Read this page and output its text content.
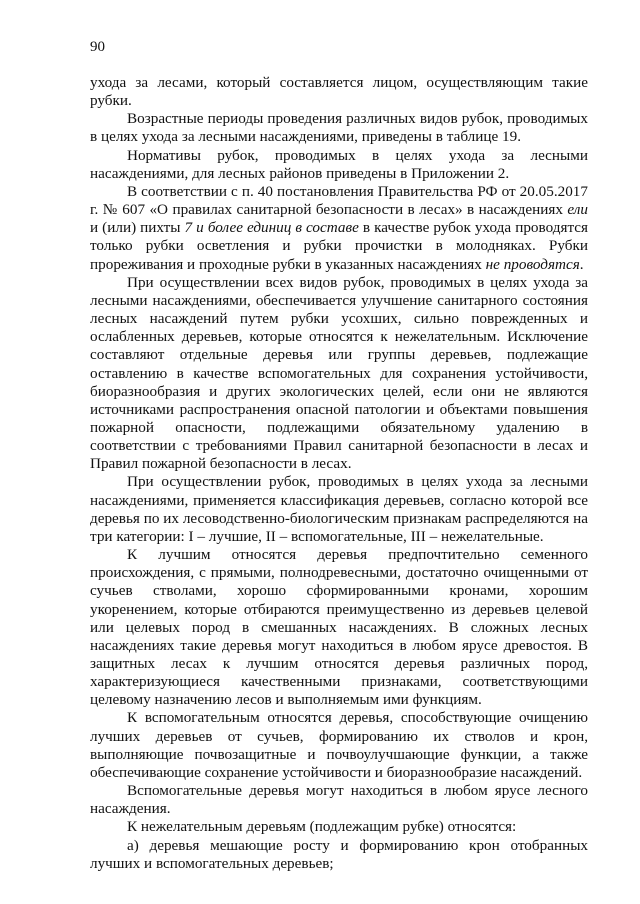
90

ухода за лесами, который составляется лицом, осуществляющим такие рубки.

Возрастные периоды проведения различных видов рубок, проводимых в целях ухода за лесными насаждениями, приведены в таблице 19.

Нормативы рубок, проводимых в целях ухода за лесными насаждениями, для лесных районов приведены в Приложении 2.

В соответствии с п. 40 постановления Правительства РФ от 20.05.2017 г. № 607 «О правилах санитарной безопасности в лесах» в насаждениях ели и (или) пихты 7 и более единиц в составе в качестве рубок ухода проводятся только рубки осветления и рубки прочистки в молодняках. Рубки прореживания и проходные рубки в указанных насаждениях не проводятся.

При осуществлении всех видов рубок, проводимых в целях ухода за лесными насаждениями, обеспечивается улучшение санитарного состояния лесных насаждений путем рубки усохших, сильно поврежденных и ослабленных деревьев, которые относятся к нежелательным. Исключение составляют отдельные деревья или группы деревьев, подлежащие оставлению в качестве вспомогательных для сохранения устойчивости, биоразнообразия и других экологических целей, если они не являются источниками распространения опасной патологии и объектами повышения пожарной опасности, подлежащими обязательному удалению в соответствии с требованиями Правил санитарной безопасности в лесах и Правил пожарной безопасности в лесах.

При осуществлении рубок, проводимых в целях ухода за лесными насаждениями, применяется классификация деревьев, согласно которой все деревья по их лесоводственно-биологическим признакам распределяются на три категории: I – лучшие, II – вспомогательные, III – нежелательные.

К лучшим относятся деревья предпочтительно семенного происхождения, с прямыми, полнодревесными, достаточно очищенными от сучьев стволами, хорошо сформированными кронами, хорошим укоренением, которые отбираются преимущественно из деревьев целевой или целевых пород в смешанных насаждениях. В сложных лесных насаждениях такие деревья могут находиться в любом ярусе древостоя. В защитных лесах к лучшим относятся деревья различных пород, характеризующиеся качественными признаками, соответствующими целевому назначению лесов и выполняемым ими функциям.

К вспомогательным относятся деревья, способствующие очищению лучших деревьев от сучьев, формированию их стволов и крон, выполняющие почвозащитные и почвоулучшающие функции, а также обеспечивающие сохранение устойчивости и биоразнообразие насаждений.

Вспомогательные деревья могут находиться в любом ярусе лесного насаждения.

К нежелательным деревьям (подлежащим рубке) относятся:

а) деревья мешающие росту и формированию крон отобранных лучших и вспомогательных деревьев;
